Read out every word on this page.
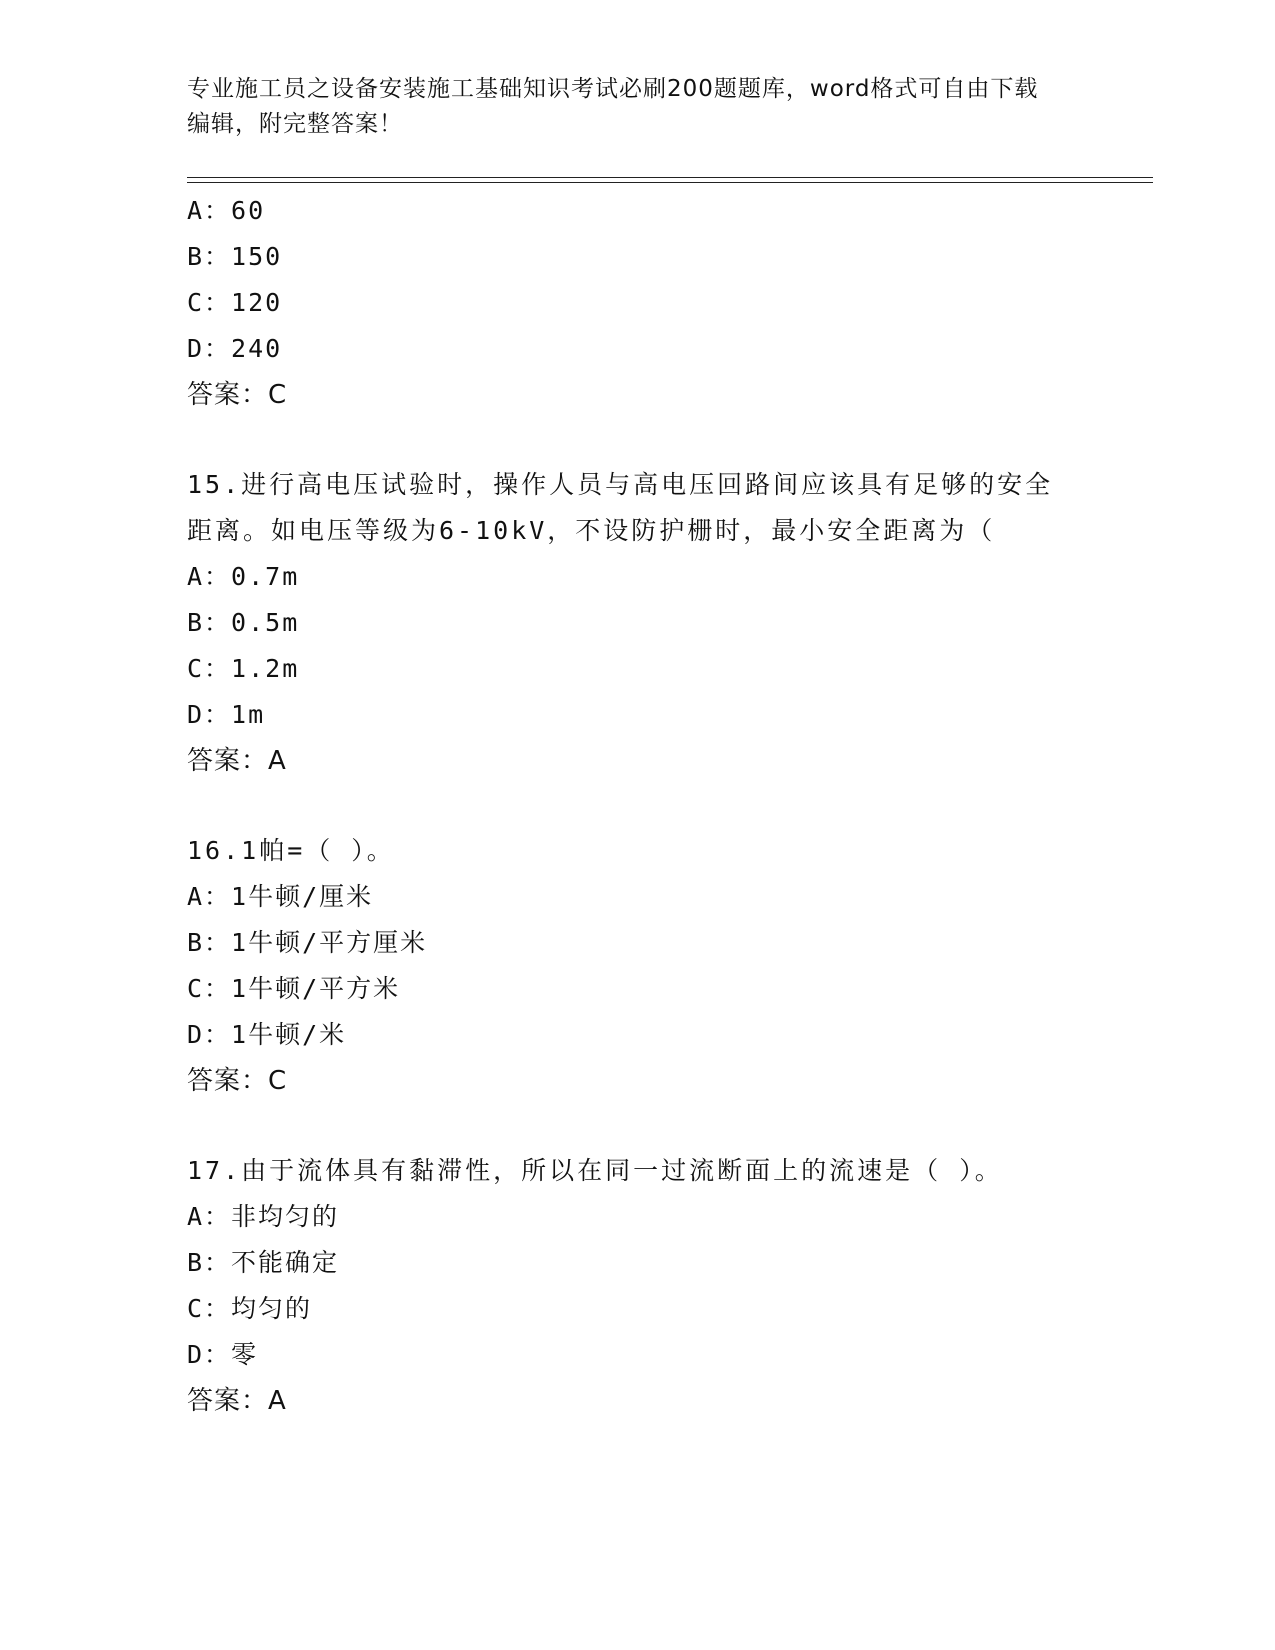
专业施工员之设备安装施工基础知识考试必刷200题题库，word格式可自由下载
编辑，附完整答案！
A：60
B：150
C：120
D：240
答案：C
15.进行高电压试验时，操作人员与高电压回路间应该具有足够的安全
距离。如电压等级为6-10kV，不设防护栅时，最小安全距离为（
A：0.7m
B：0.5m
C：1.2m
D：1m
答案：A
16.1帕=（ ）。
A：1牛顿/厘米
B：1牛顿/平方厘米
C：1牛顿/平方米
D：1牛顿/米
答案：C
17.由于流体具有黏滞性，所以在同一过流断面上的流速是（ ）。
A：非均匀的
B：不能确定
C：均匀的
D：零
答案：A
